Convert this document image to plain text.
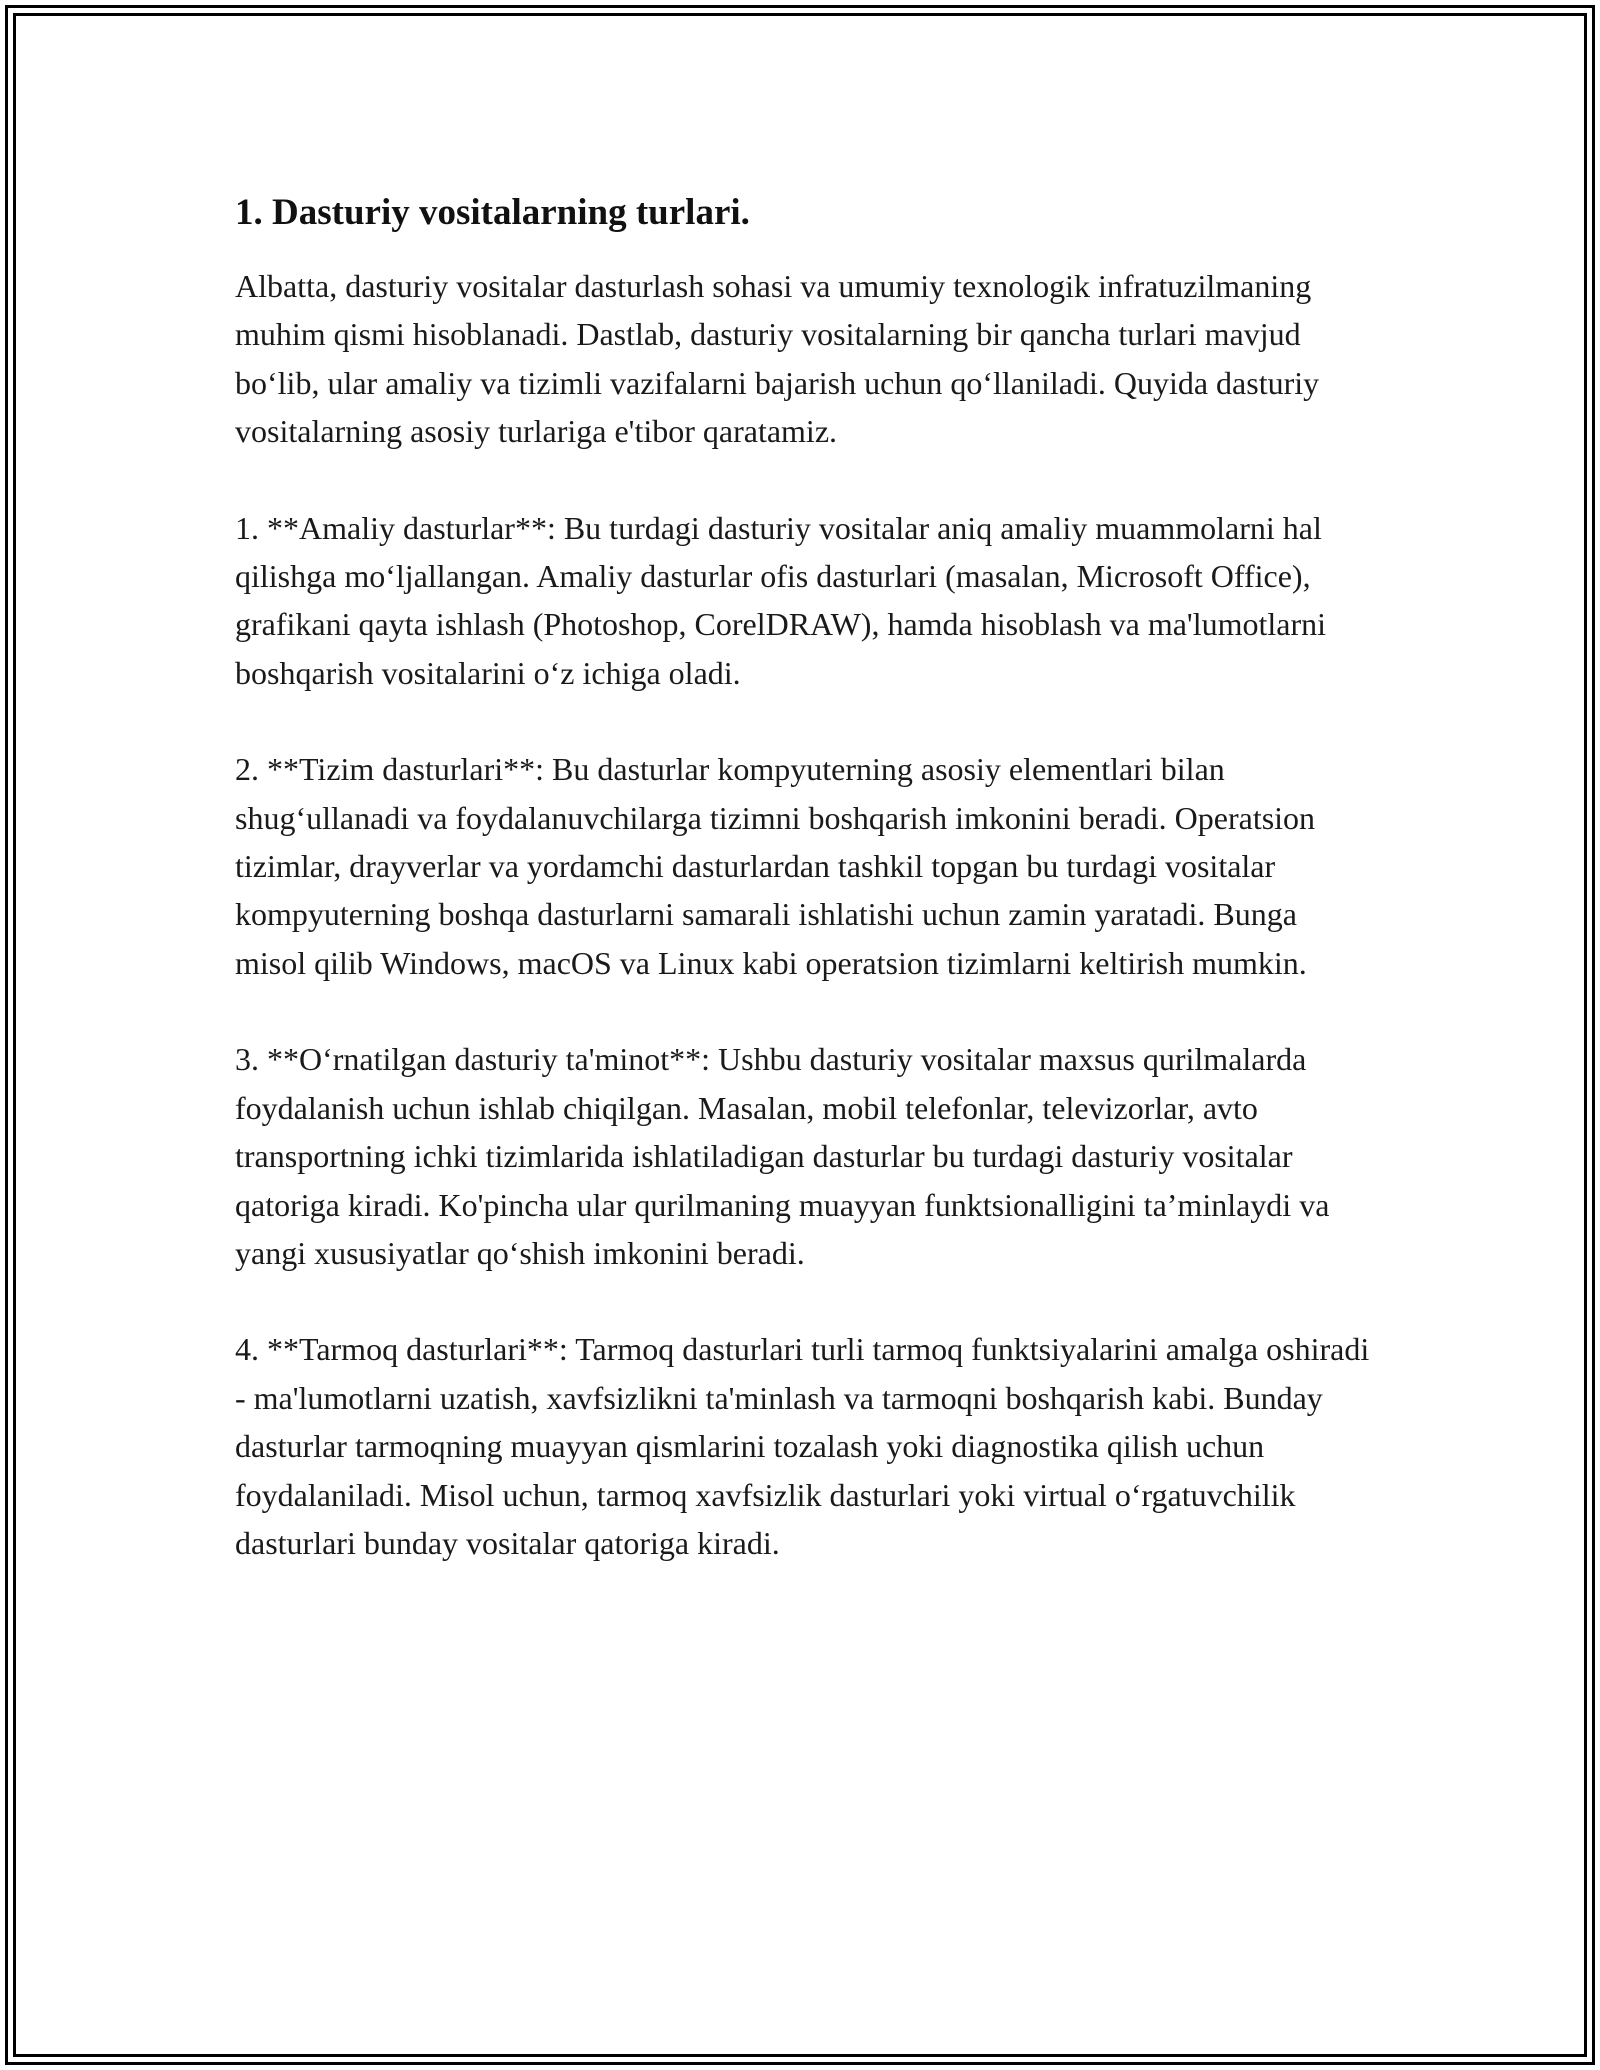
1. Dasturiy vositalarning turlari.

Albatta, dasturiy vositalar dasturlash sohasi va umumiy texnologik infratuzilmaning muhim qismi hisoblanadi. Dastlab, dasturiy vositalarning bir qancha turlari mavjud bo‘lib, ular amaliy va tizimli vazifalarni bajarish uchun qo‘llaniladi. Quyida dasturiy vositalarning asosiy turlariga e'tibor qaratamiz.

1. **Amaliy dasturlar**: Bu turdagi dasturiy vositalar aniq amaliy muammolarni hal qilishga mo‘ljallangan. Amaliy dasturlar ofis dasturlari (masalan, Microsoft Office), grafikani qayta ishlash (Photoshop, CorelDRAW), hamda hisoblash va ma'lumotlarni boshqarish vositalarini o‘z ichiga oladi.

2. **Tizim dasturlari**: Bu dasturlar kompyuterning asosiy elementlari bilan shug‘ullanadi va foydalanuvchilarga tizimni boshqarish imkonini beradi. Operatsion tizimlar, drayverlar va yordamchi dasturlardan tashkil topgan bu turdagi vositalar kompyuterning boshqa dasturlarni samarali ishlatishi uchun zamin yaratadi. Bunga misol qilib Windows, macOS va Linux kabi operatsion tizimlarni keltirish mumkin.

3. **O‘rnatilgan dasturiy ta'minot**: Ushbu dasturiy vositalar maxsus qurilmalarda foydalanish uchun ishlab chiqilgan. Masalan, mobil telefonlar, televizorlar, avto transportning ichki tizimlarida ishlatiladigan dasturlar bu turdagi dasturiy vositalar qatoriga kiradi. Ko'pincha ular qurilmaning muayyan funktsionalligini ta’minlaydi va yangi xususiyatlar qo‘shish imkonini beradi.

4. **Tarmoq dasturlari**: Tarmoq dasturlari turli tarmoq funktsiyalarini amalga oshiradi - ma'lumotlarni uzatish, xavfsizlikni ta'minlash va tarmoqni boshqarish kabi. Bunday dasturlar tarmoqning muayyan qismlarini tozalash yoki diagnostika qilish uchun foydalaniladi. Misol uchun, tarmoq xavfsizlik dasturlari yoki virtual o‘rgatuvchilik dasturlari bunday vositalar qatoriga kiradi.
